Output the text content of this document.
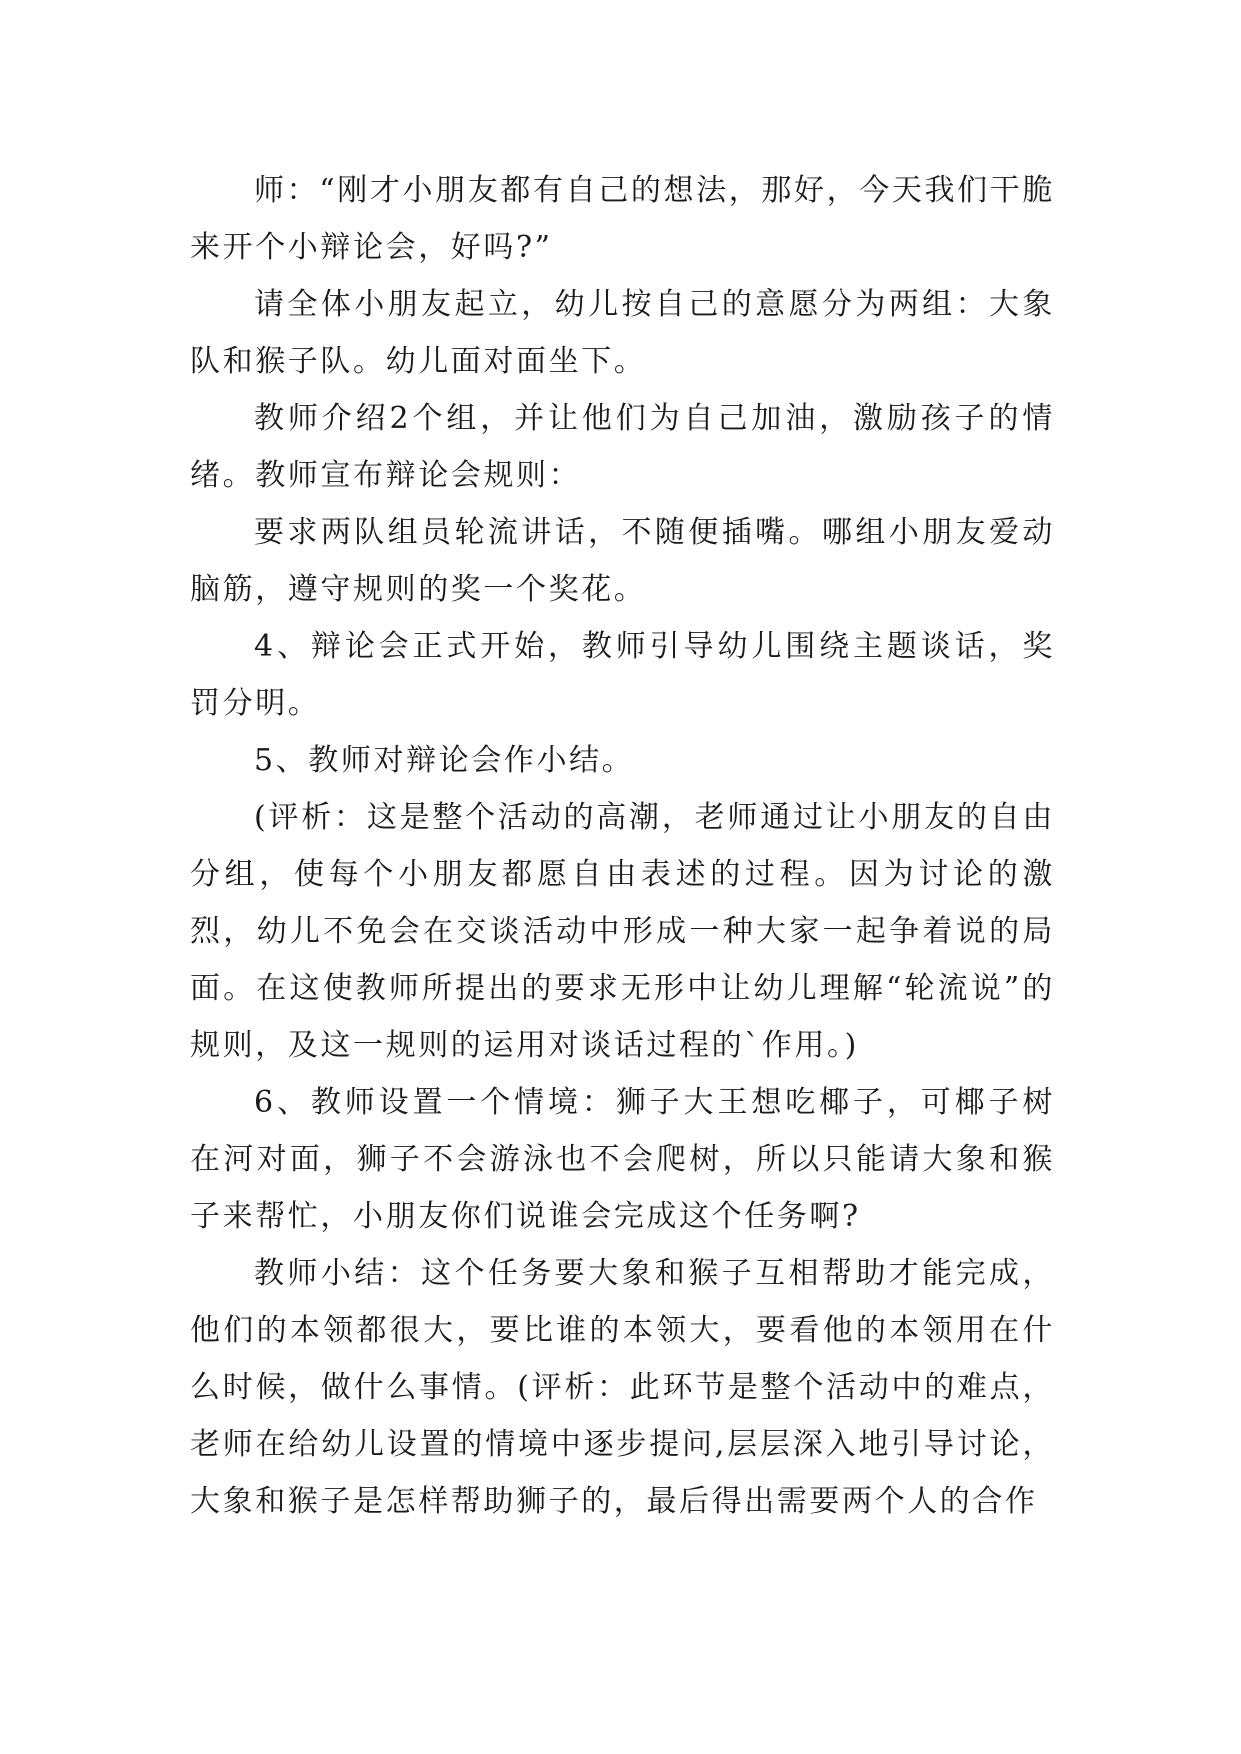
师：“刚才小朋友都有自己的想法，那好，今天我们干脆来开个小辩论会，好吗?”

请全体小朋友起立，幼儿按自己的意愿分为两组：大象队和猴子队。幼儿面对面坐下。

教师介绍2个组，并让他们为自己加油，激励孩子的情绪。教师宣布辩论会规则：

要求两队组员轮流讲话，不随便插嘴。哪组小朋友爱动脑筋，遵守规则的奖一个奖花。

4、辩论会正式开始，教师引导幼儿围绕主题谈话，奖罚分明。

5、教师对辩论会作小结。

(评析：这是整个活动的高潮，老师通过让小朋友的自由分组，使每个小朋友都愿自由表述的过程。因为讨论的激烈，幼儿不免会在交谈活动中形成一种大家一起争着说的局面。在这使教师所提出的要求无形中让幼儿理解“轮流说”的规则，及这一规则的运用对谈话过程的`作用。)

6、教师设置一个情境：狮子大王想吃椰子，可椰子树在河对面，狮子不会游泳也不会爬树，所以只能请大象和猴子来帮忙，小朋友你们说谁会完成这个任务啊?

教师小结：这个任务要大象和猴子互相帮助才能完成，他们的本领都很大，要比谁的本领大，要看他的本领用在什么时候，做什么事情。(评析：此环节是整个活动中的难点，老师在给幼儿设置的情境中逐步提问,层层深入地引导讨论，大象和猴子是怎样帮助狮子的，最后得出需要两个人的合作
